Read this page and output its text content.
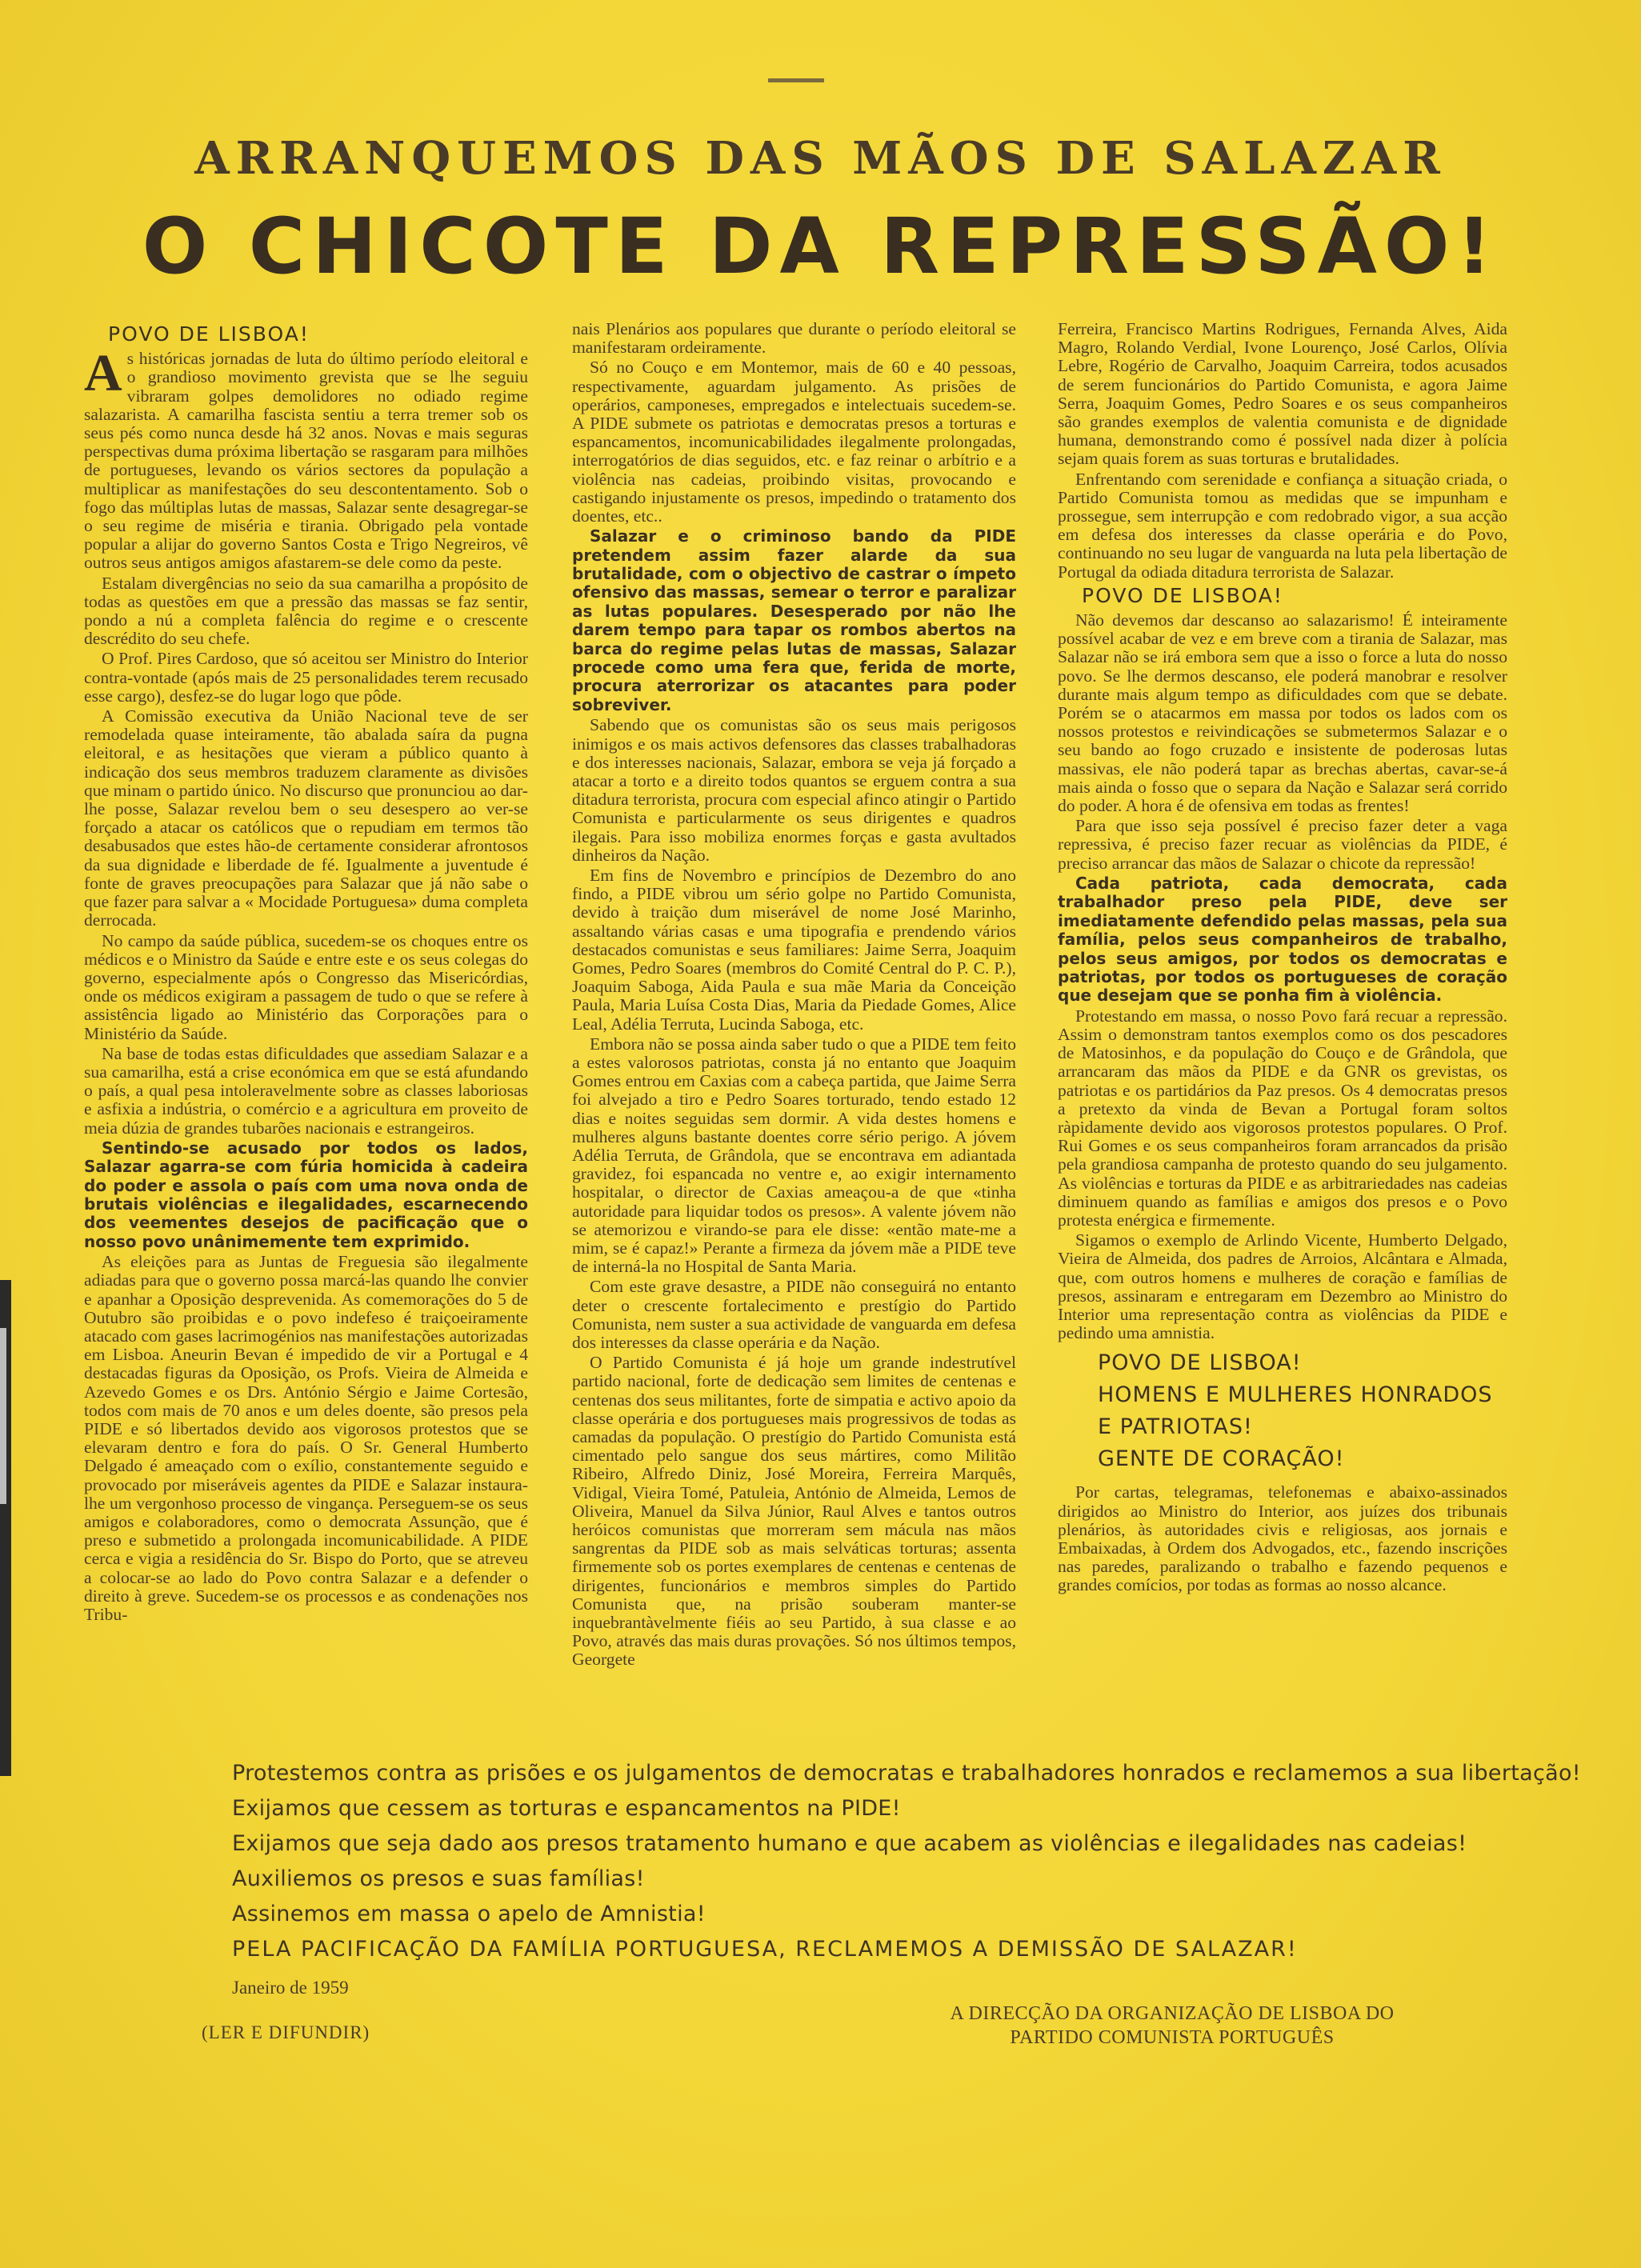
ARRANQUEMOS DAS MÃOS DE SALAZAR
O CHICOTE DA REPRESSÃO!
POVO DE LISBOA!

As históricas jornadas de luta do último período eleitoral e o grandioso movimento grevista que se lhe seguiu vibraram golpes demolidores no odiado regime salazarista. A camarilha fascista sentiu a terra tremer sob os seus pés como nunca desde há 32 anos. Novas e mais seguras perspectivas duma próxima libertação se rasgaram para milhões de portugueses, levando os vários sectores da população a multiplicar as manifestações do seu descontentamento. Sob o fogo das múltiplas lutas de massas, Salazar sente desagregar-se o seu regime de miséria e tirania. Obrigado pela vontade popular a alijar do governo Santos Costa e Trigo Negreiros, vê outros seus antigos amigos afastarem-se dele como da peste.

Estalam divergências no seio da sua camarilha a propósito de todas as questões em que a pressão das massas se faz sentir, pondo a nú a completa falência do regime e o crescente descrédito do seu chefe.

O Prof. Pires Cardoso, que só aceitou ser Ministro do Interior contra-vontade (após mais de 25 personalidades terem recusado esse cargo), desfez-se do lugar logo que pôde.

A Comissão executiva da União Nacional teve de ser remodelada quase inteiramente, tão abalada saíra da pugna eleitoral, e as hesitações que vieram a público quanto à indicação dos seus membros traduzem claramente as divisões que minam o partido único. No discurso que pronunciou ao dar-lhe posse, Salazar revelou bem o seu desespero ao ver-se forçado a atacar os católicos que o repudiam em termos tão desabusados que estes hão-de certamente considerar afrontosos da sua dignidade e liberdade de fé. Igualmente a juventude é fonte de graves preocupações para Salazar que já não sabe o que fazer para salvar a « Mocidade Portuguesa» duma completa derrocada.

No campo da saúde pública, sucedem-se os choques entre os médicos e o Ministro da Saúde e entre este e os seus colegas do governo, especialmente após o Congresso das Misericórdias, onde os médicos exigiram a passagem de tudo o que se refere à assistência ligado ao Ministério das Corporações para o Ministério da Saúde.

Na base de todas estas dificuldades que assediam Salazar e a sua camarilha, está a crise económica em que se está afundando o país, a qual pesa intoleravelmente sobre as classes laboriosas e asfixia a indústria, o comércio e a agricultura em proveito de meia dúzia de grandes tubarões nacionais e estrangeiros.

Sentindo-se acusado por todos os lados, Salazar agarra-se com fúria homicida à cadeira do poder e assola o país com uma nova onda de brutais violências e ilegalidades, escarnecendo dos veementes desejos de pacificação que o nosso povo unânimemente tem exprimido.

As eleições para as Juntas de Freguesia são ilegalmente adiadas para que o governo possa marcá-las quando lhe convier e apanhar a Oposição desprevenida. As comemorações do 5 de Outubro são proibidas e o povo indefeso é traiçoeiramente atacado com gases lacrimogénios nas manifestações autorizadas em Lisboa. Aneurin Bevan é impedido de vir a Portugal e 4 destacadas figuras da Oposição, os Profs. Vieira de Almeida e Azevedo Gomes e os Drs. António Sérgio e Jaime Cortesão, todos com mais de 70 anos e um deles doente, são presos pela PIDE e só libertados devido aos vigorosos protestos que se elevaram dentro e fora do país. O Sr. General Humberto Delgado é ameaçado com o exílio, constantemente seguido e provocado por miseráveis agentes da PIDE e Salazar instaura-lhe um vergonhoso processo de vingança. Perseguem-se os seus amigos e colaboradores, como o democrata Assunção, que é preso e submetido a prolongada incomunicabilidade. A PIDE cerca e vigia a residência do Sr. Bispo do Porto, que se atreveu a colocar-se ao lado do Povo contra Salazar e a defender o direito à greve. Sucedem-se os processos e as condenações nos Tribu-

nais Plenários aos populares que durante o período eleitoral se manifestaram ordeiramente.

Só no Couço e em Montemor, mais de 60 e 40 pessoas, respectivamente, aguardam julgamento. As prisões de operários, camponeses, empregados e intelectuais sucedem-se. A PIDE submete os patriotas e democratas presos a torturas e espancamentos, incomunicabilidades ilegalmente prolongadas, interrogatórios de dias seguidos, etc. e faz reinar o arbítrio e a violência nas cadeias, proibindo visitas, provocando e castigando injustamente os presos, impedindo o tratamento dos doentes, etc..

Salazar e o criminoso bando da PIDE pretendem assim fazer alarde da sua brutalidade, com o objectivo de castrar o ímpeto ofensivo das massas, semear o terror e paralizar as lutas populares. Desesperado por não lhe darem tempo para tapar os rombos abertos na barca do regime pelas lutas de massas, Salazar procede como uma fera que, ferida de morte, procura aterrorizar os atacantes para poder sobreviver.

Sabendo que os comunistas são os seus mais perigosos inimigos e os mais activos defensores das classes trabalhadoras e dos interesses nacionais, Salazar, embora se veja já forçado a atacar a torto e a direito todos quantos se erguem contra a sua ditadura terrorista, procura com especial afinco atingir o Partido Comunista e particularmente os seus dirigentes e quadros ilegais. Para isso mobiliza enormes forças e gasta avultados dinheiros da Nação.

Em fins de Novembro e princípios de Dezembro do ano findo, a PIDE vibrou um sério golpe no Partido Comunista, devido à traição dum miserável de nome José Marinho, assaltando várias casas e uma tipografia e prendendo vários destacados comunistas e seus familiares: Jaime Serra, Joaquim Gomes, Pedro Soares (membros do Comité Central do P. C. P.), Joaquim Saboga, Aida Paula e sua mãe Maria da Conceição Paula, Maria Luísa Costa Dias, Maria da Piedade Gomes, Alice Leal, Adélia Terruta, Lucinda Saboga, etc.

Embora não se possa ainda saber tudo o que a PIDE tem feito a estes valorosos patriotas, consta já no entanto que Joaquim Gomes entrou em Caxias com a cabeça partida, que Jaime Serra foi alvejado a tiro e Pedro Soares torturado, tendo estado 12 dias e noites seguidas sem dormir. A vida destes homens e mulheres alguns bastante doentes corre sério perigo. A jóvem Adélia Terruta, de Grândola, que se encontrava em adiantada gravidez, foi espancada no ventre e, ao exigir internamento hospitalar, o director de Caxias ameaçou-a de que «tinha autoridade para liquidar todos os presos». A valente jóvem não se atemorizou e virando-se para ele disse: «então mate-me a mim, se é capaz!» Perante a firmeza da jóvem mãe a PIDE teve de interná-la no Hospital de Santa Maria.

Com este grave desastre, a PIDE não conseguirá no entanto deter o crescente fortalecimento e prestígio do Partido Comunista, nem suster a sua actividade de vanguarda em defesa dos interesses da classe operária e da Nação.

O Partido Comunista é já hoje um grande indestrutível partido nacional, forte de dedicação sem limites de centenas e centenas dos seus militantes, forte de simpatia e activo apoio da classe operária e dos portugueses mais progressivos de todas as camadas da população. O prestígio do Partido Comunista está cimentado pelo sangue dos seus mártires, como Militão Ribeiro, Alfredo Diniz, José Moreira, Ferreira Marquês, Vidigal, Vieira Tomé, Patuleia, António de Almeida, Lemos de Oliveira, Manuel da Silva Júnior, Raul Alves e tantos outros heróicos comunistas que morreram sem mácula nas mãos sangrentas da PIDE sob as mais selváticas torturas; assenta firmemente sob os portes exemplares de centenas e centenas de dirigentes, funcionários e membros simples do Partido Comunista que, na prisão souberam manter-se inquebrantàvelmente fiéis ao seu Partido, à sua classe e ao Povo, através das mais duras provações. Só nos últimos tempos, Georgete

Ferreira, Francisco Martins Rodrigues, Fernanda Alves, Aida Magro, Rolando Verdial, Ivone Lourenço, José Carlos, Olívia Lebre, Rogério de Carvalho, Joaquim Carreira, todos acusados de serem funcionários do Partido Comunista, e agora Jaime Serra, Joaquim Gomes, Pedro Soares e os seus companheiros são grandes exemplos de valentia comunista e de dignidade humana, demonstrando como é possível nada dizer à polícia sejam quais forem as suas torturas e brutalidades.

Enfrentando com serenidade e confiança a situação criada, o Partido Comunista tomou as medidas que se impunham e prossegue, sem interrupção e com redobrado vigor, a sua acção em defesa dos interesses da classe operária e do Povo, continuando no seu lugar de vanguarda na luta pela libertação de Portugal da odiada ditadura terrorista de Salazar.

POVO DE LISBOA!

Não devemos dar descanso ao salazarismo! É inteiramente possível acabar de vez e em breve com a tirania de Salazar, mas Salazar não se irá embora sem que a isso o force a luta do nosso povo. Se lhe dermos descanso, ele poderá manobrar e resolver durante mais algum tempo as dificuldades com que se debate. Porém se o atacarmos em massa por todos os lados com os nossos protestos e reivindicações se submetermos Salazar e o seu bando ao fogo cruzado e insistente de poderosas lutas massivas, ele não poderá tapar as brechas abertas, cavar-se-á mais ainda o fosso que o separa da Nação e Salazar será corrido do poder. A hora é de ofensiva em todas as frentes!

Para que isso seja possível é preciso fazer deter a vaga repressiva, é preciso fazer recuar as violências da PIDE, é preciso arrancar das mãos de Salazar o chicote da repressão!

Cada patriota, cada democrata, cada trabalhador preso pela PIDE, deve ser imediatamente defendido pelas massas, pela sua família, pelos seus companheiros de trabalho, pelos seus amigos, por todos os democratas e patriotas, por todos os portugueses de coração que desejam que se ponha fim à violência.

Protestando em massa, o nosso Povo fará recuar a repressão. Assim o demonstram tantos exemplos como os dos pescadores de Matosinhos, e da população do Couço e de Grândola, que arrancaram das mãos da PIDE e da GNR os grevistas, os patriotas e os partidários da Paz presos. Os 4 democratas presos a pretexto da vinda de Bevan a Portugal foram soltos ràpidamente devido aos vigorosos protestos populares. O Prof. Rui Gomes e os seus companheiros foram arrancados da prisão pela grandiosa campanha de protesto quando do seu julgamento. As violências e torturas da PIDE e as arbitrariedades nas cadeias diminuem quando as famílias e amigos dos presos e o Povo protesta enérgica e firmemente.

Sigamos o exemplo de Arlindo Vicente, Humberto Delgado, Vieira de Almeida, dos padres de Arroios, Alcântara e Almada, que, com outros homens e mulheres de coração e famílias de presos, assinaram e entregaram em Dezembro ao Ministro do Interior uma representação contra as violências da PIDE e pedindo uma amnistia.

POVO DE LISBOA!
HOMENS E MULHERES HONRADOS
E PATRIOTAS!
GENTE DE CORAÇÃO!

Por cartas, telegramas, telefonemas e abaixo-assinados dirigidos ao Ministro do Interior, aos juízes dos tribunais plenários, às autoridades civis e religiosas, aos jornais e Embaixadas, à Ordem dos Advogados, etc., fazendo inscrições nas paredes, paralizando o trabalho e fazendo pequenos e grandes comícios, por todas as formas ao nosso alcance.

Protestemos contra as prisões e os julgamentos de democratas e trabalhadores honrados e reclamemos a sua libertação!
Exijamos que cessem as torturas e espancamentos na PIDE!
Exijamos que seja dado aos presos tratamento humano e que acabem as violências e ilegalidades nas cadeias!
Auxiliemos os presos e suas famílias!
Assinemos em massa o apelo de Amnistia!
PELA PACIFICAÇÃO DA FAMÍLIA PORTUGUESA, RECLAMEMOS A DEMISSÃO DE SALAZAR!
Janeiro de 1959
(LER E DIFUNDIR)
A DIRECÇÃO DA ORGANIZAÇÃO DE LISBOA DO
PARTIDO COMUNISTA PORTUGUÊS
